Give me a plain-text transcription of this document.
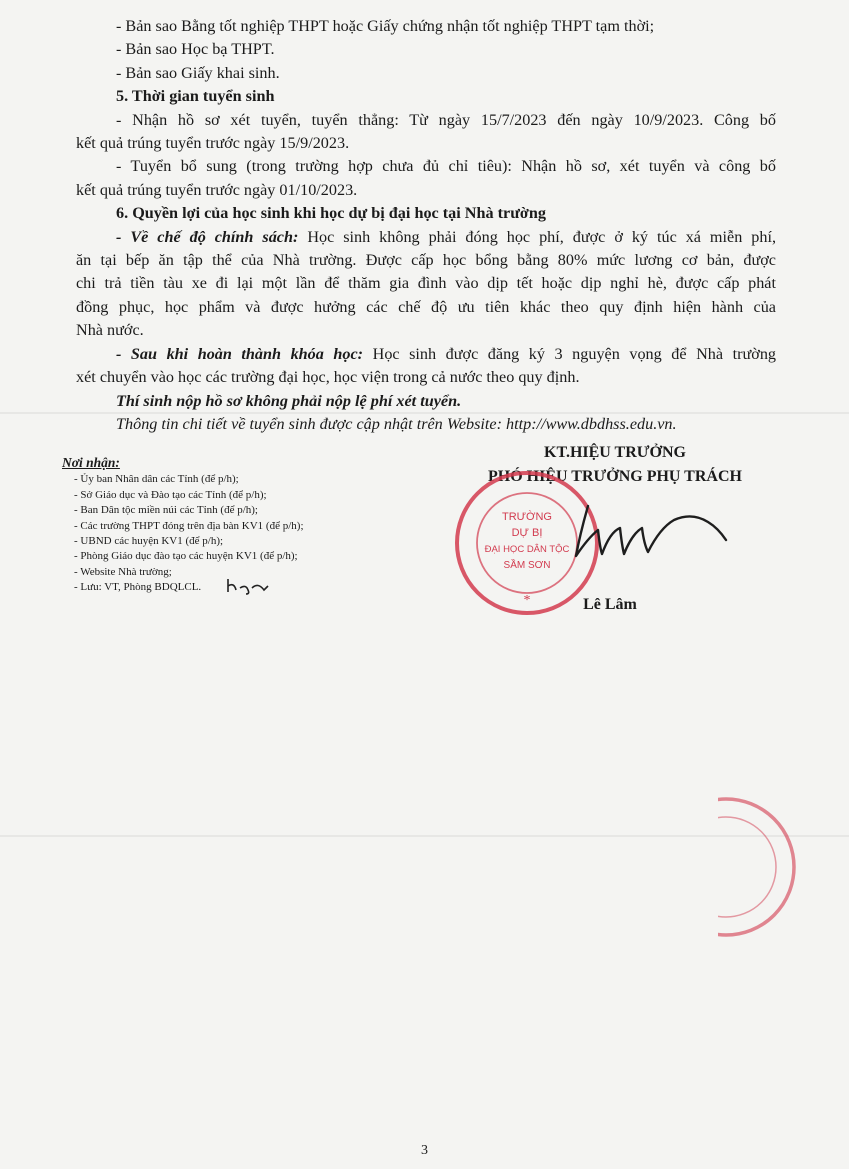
- Bản sao Bằng tốt nghiệp THPT hoặc Giấy chứng nhận tốt nghiệp THPT tạm thời;

- Bản sao Học bạ THPT.

- Bản sao Giấy khai sinh.

5. Thời gian tuyển sinh

- Nhận hồ sơ xét tuyển, tuyển thẳng: Từ ngày 15/7/2023 đến ngày 10/9/2023. Công bố

kết quả trúng tuyển trước ngày 15/9/2023.

- Tuyển bổ sung (trong trường hợp chưa đủ chỉ tiêu): Nhận hồ sơ, xét tuyển và công bố

kết quả trúng tuyển trước ngày 01/10/2023.

6. Quyền lợi của học sinh khi học dự bị đại học tại Nhà trường

- Về chế độ chính sách: Học sinh không phải đóng học phí, được ở ký túc xá miễn phí,

ăn tại bếp ăn tập thể của Nhà trường. Được cấp học bổng bằng 80% mức lương cơ bản, được

chi trả tiền tàu xe đi lại một lần để thăm gia đình vào dịp tết hoặc dịp nghỉ hè, được cấp phát

đồng phục, học phẩm và được hưởng các chế độ ưu tiên khác theo quy định hiện hành của

Nhà nước.

- Sau khi hoàn thành khóa học: Học sinh được đăng ký 3 nguyện vọng để Nhà trường

xét chuyển vào học các trường đại học, học viện trong cả nước theo quy định.

Thí sinh nộp hồ sơ không phải nộp lệ phí xét tuyển.

Thông tin chi tiết về tuyển sinh được cập nhật trên Website: http://www.dbdhss.edu.vn.

Nơi nhận:
- Ủy ban Nhân dân các Tỉnh (để p/h);
- Sở Giáo dục và Đào tạo các Tỉnh (để p/h);
- Ban Dân tộc miền núi các Tỉnh (để p/h);
- Các trường THPT đóng trên địa bàn KV1 (để p/h);
- UBND các huyện KV1 (để p/h);
- Phòng Giáo dục đào tạo các huyện KV1 (để p/h);
- Website Nhà trường;
- Lưu: VT, Phòng BDQLCL.
KT.HIỆU TRƯỞNG
PHÓ HIỆU TRƯỞNG PHỤ TRÁCH
TRƯỜNG
DỰ BỊ
ĐẠI HỌC DÂN TỘC
SẦM SƠN
*	Lê Lâm
3
